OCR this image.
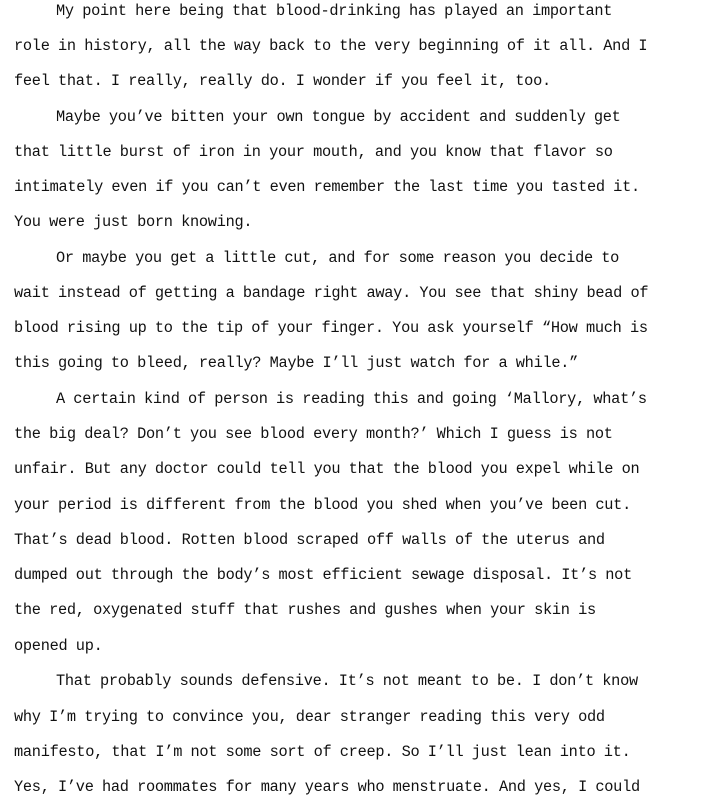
My point here being that blood-drinking has played an important
role in history, all the way back to the very beginning of it all. And I
feel that. I really, really do. I wonder if you feel it, too.
Maybe you’ve bitten your own tongue by accident and suddenly get
that little burst of iron in your mouth, and you know that flavor so
intimately even if you can’t even remember the last time you tasted it.
You were just born knowing.
Or maybe you get a little cut, and for some reason you decide to
wait instead of getting a bandage right away. You see that shiny bead of
blood rising up to the tip of your finger. You ask yourself “How much is
this going to bleed, really? Maybe I’ll just watch for a while.”
A certain kind of person is reading this and going ‘Mallory, what’s
the big deal? Don’t you see blood every month?’ Which I guess is not
unfair. But any doctor could tell you that the blood you expel while on
your period is different from the blood you shed when you’ve been cut.
That’s dead blood. Rotten blood scraped off walls of the uterus and
dumped out through the body’s most efficient sewage disposal. It’s not
the red, oxygenated stuff that rushes and gushes when your skin is
opened up.
That probably sounds defensive. It’s not meant to be. I don’t know
why I’m trying to convince you, dear stranger reading this very odd
manifesto, that I’m not some sort of creep. So I’ll just lean into it.
Yes, I’ve had roommates for many years who menstruate. And yes, I could
